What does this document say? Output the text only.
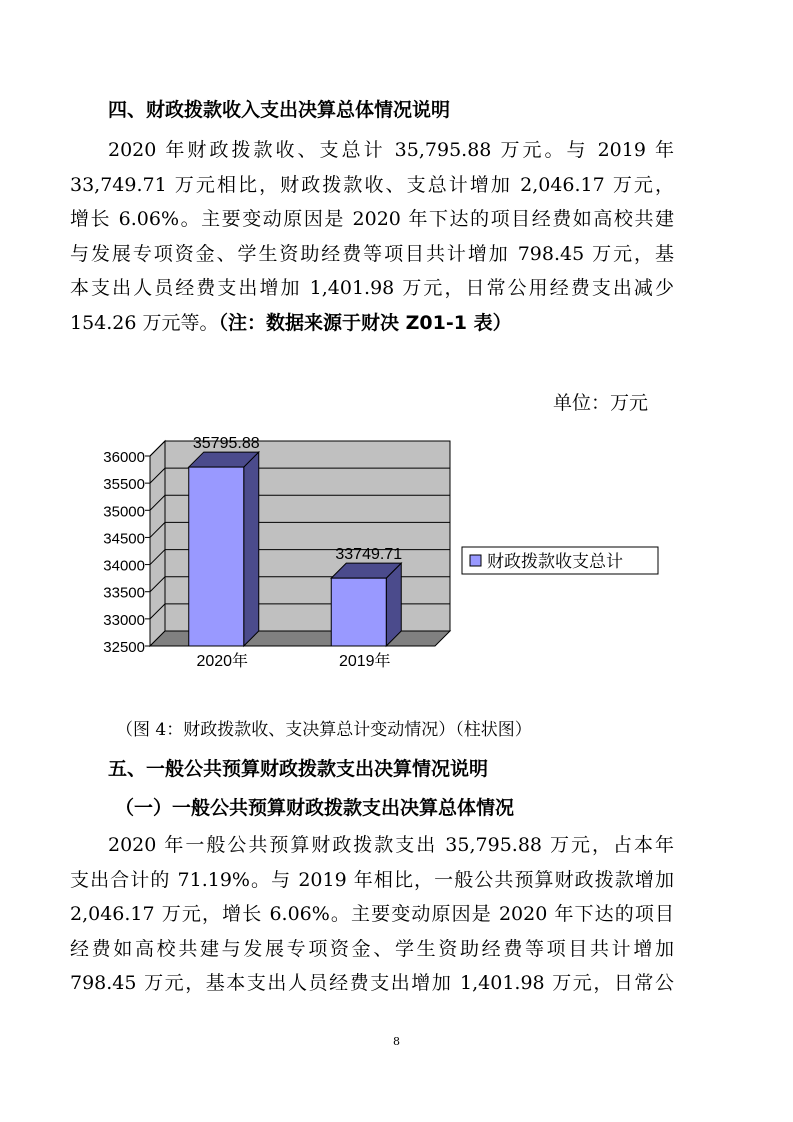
四、财政拨款收入支出决算总体情况说明
2020 年财政拨款收、支总计 35,795.88 万元。与 2019 年
33,749.71 万元相比，财政拨款收、支总计增加 2,046.17 万元，
增长 6.06%。主要变动原因是 2020 年下达的项目经费如高校共建
与发展专项资金、学生资助经费等项目共计增加 798.45 万元，基
本支出人员经费支出增加 1,401.98 万元，日常公用经费支出减少
154.26 万元等。（注：数据来源于财决 Z01-1 表）
单位：万元
32500
33000
33500
34000
34500
35000
35500
36000
2020年
35795.88
2019年
33749.71	财政拨款收支总计
（图 4：财政拨款收、支决算总计变动情况）（柱状图）
五、一般公共预算财政拨款支出决算情况说明
（一）一般公共预算财政拨款支出决算总体情况
2020 年一般公共预算财政拨款支出 35,795.88 万元，占本年
支出合计的 71.19%。与 2019 年相比，一般公共预算财政拨款增加
2,046.17 万元，增长 6.06%。主要变动原因是 2020 年下达的项目
经费如高校共建与发展专项资金、学生资助经费等项目共计增加
798.45 万元，基本支出人员经费支出增加 1,401.98 万元，日常公
8
